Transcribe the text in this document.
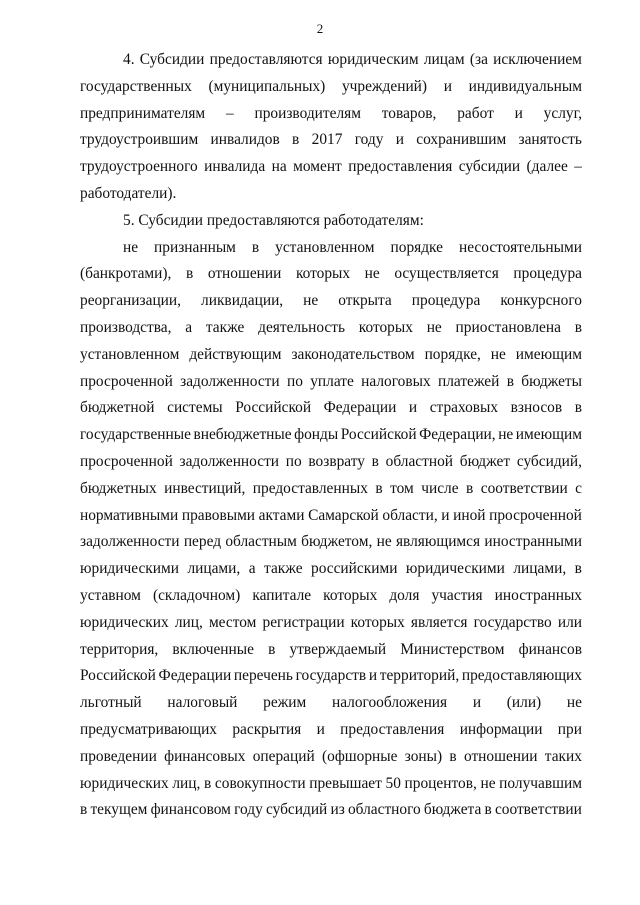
2
4. Субсидии предоставляются юридическим лицам (за исключением
государственных (муниципальных) учреждений) и индивидуальным
предпринимателям – производителям товаров, работ и услуг,
трудоустроившим инвалидов в 2017 году и сохранившим занятость
трудоустроенного инвалида на момент предоставления субсидии (далее –
работодатели).
5. Субсидии предоставляются работодателям:
не признанным в установленном порядке несостоятельными
(банкротами), в отношении которых не осуществляется процедура
реорганизации, ликвидации, не открыта процедура конкурсного
производства, а также деятельность которых не приостановлена в
установленном действующим законодательством порядке, не имеющим
просроченной задолженности по уплате налоговых платежей в бюджеты
бюджетной системы Российской Федерации и страховых взносов в
государственные внебюджетные фонды Российской Федерации, не имеющим
просроченной задолженности по возврату в областной бюджет субсидий,
бюджетных инвестиций, предоставленных в том числе в соответствии с
нормативными правовыми актами Самарской области, и иной просроченной
задолженности перед областным бюджетом, не являющимся иностранными
юридическими лицами, а также российскими юридическими лицами, в
уставном (складочном) капитале которых доля участия иностранных
юридических лиц, местом регистрации которых является государство или
территория, включенные в утверждаемый Министерством финансов
Российской Федерации перечень государств и территорий, предоставляющих
льготный налоговый режим налогообложения и (или) не
предусматривающих раскрытия и предоставления информации при
проведении финансовых операций (офшорные зоны) в отношении таких
юридических лиц, в совокупности превышает 50 процентов, не получавшим
в текущем финансовом году субсидий из областного бюджета в соответствии
